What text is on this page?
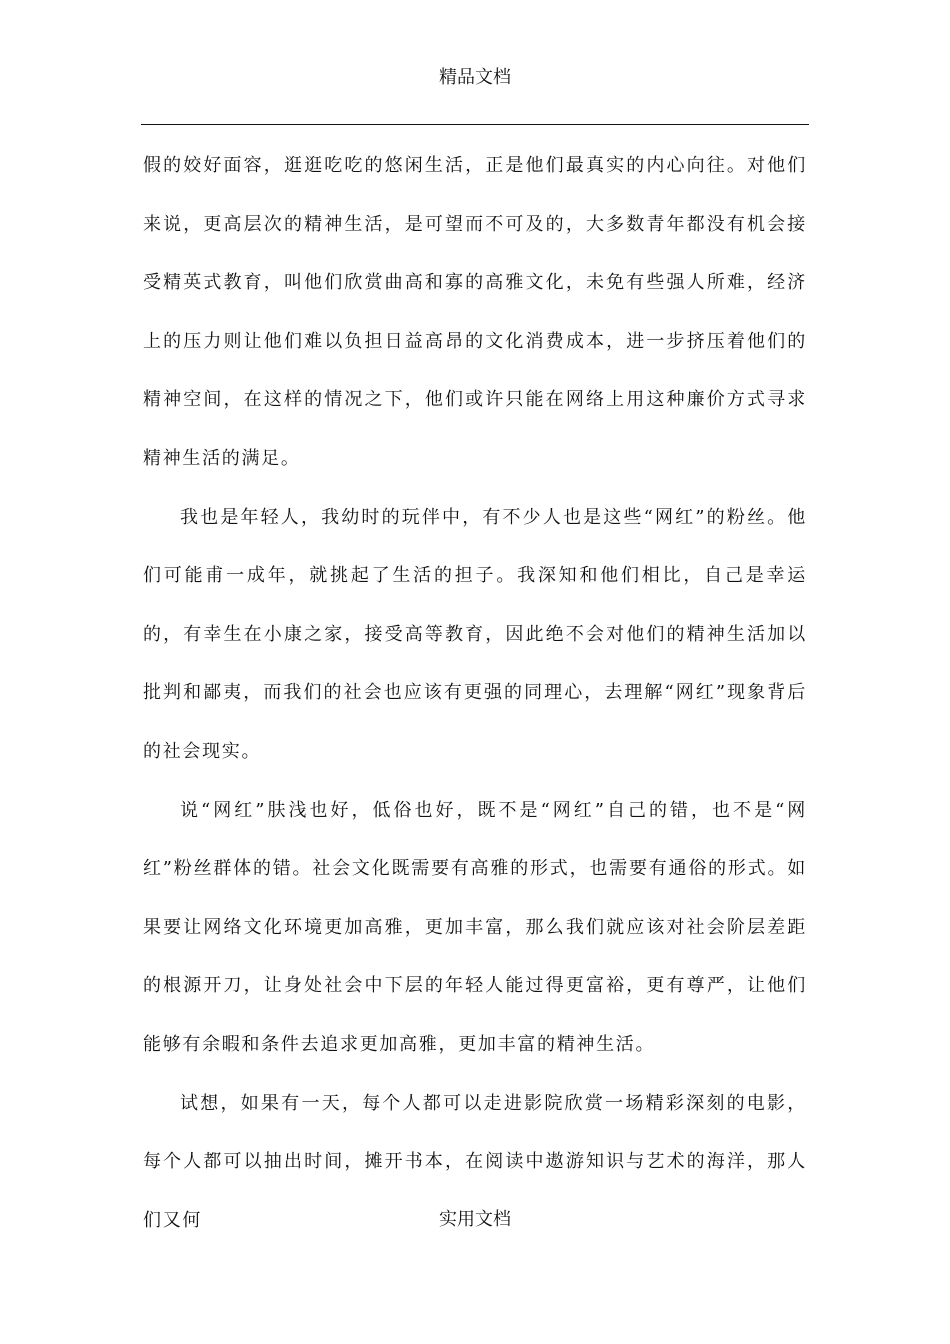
精品文档

假的姣好面容，逛逛吃吃的悠闲生活，正是他们最真实的内心向往。对他们来说，更高层次的精神生活，是可望而不可及的，大多数青年都没有机会接受精英式教育，叫他们欣赏曲高和寡的高雅文化，未免有些强人所难，经济上的压力则让他们难以负担日益高昂的文化消费成本，进一步挤压着他们的精神空间，在这样的情况之下，他们或许只能在网络上用这种廉价方式寻求精神生活的满足。

我也是年轻人，我幼时的玩伴中，有不少人也是这些“网红”的粉丝。他们可能甫一成年，就挑起了生活的担子。我深知和他们相比，自己是幸运的，有幸生在小康之家，接受高等教育，因此绝不会对他们的精神生活加以批判和鄙夷，而我们的社会也应该有更强的同理心，去理解“网红”现象背后的社会现实。

说“网红”肤浅也好，低俗也好，既不是“网红”自己的错，也不是“网红”粉丝群体的错。社会文化既需要有高雅的形式，也需要有通俗的形式。如果要让网络文化环境更加高雅，更加丰富，那么我们就应该对社会阶层差距的根源开刀，让身处社会中下层的年轻人能过得更富裕，更有尊严，让他们能够有余暇和条件去追求更加高雅，更加丰富的精神生活。

试想，如果有一天，每个人都可以走进影院欣赏一场精彩深刻的电影，每个人都可以抽出时间，摊开书本，在阅读中遨游知识与艺术的海洋，那人们又何	实用文档
